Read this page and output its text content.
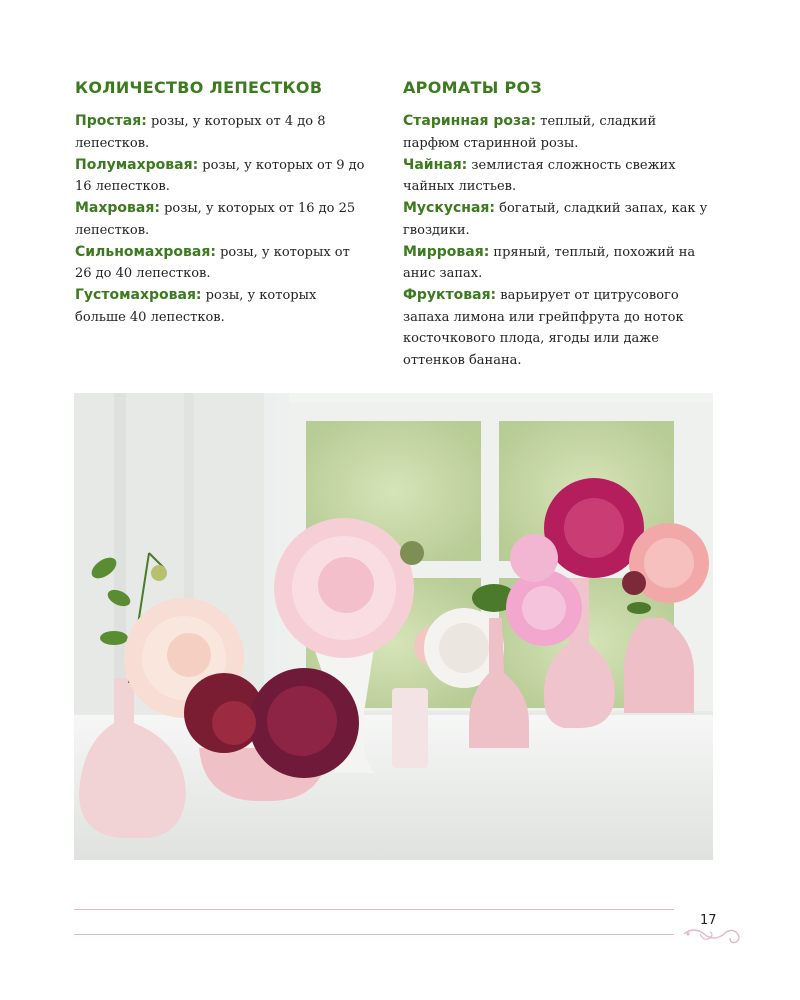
КОЛИЧЕСТВО ЛЕПЕСТКОВ

Простая: розы, у которых от 4 до 8 лепестков.

Полумахровая: розы, у которых от 9 до 16 лепестков.

Махровая: розы, у которых от 16 до 25 лепестков.

Сильномахровая: розы, у которых от 26 до 40 лепестков.

Густомахровая: розы, у которых больше 40 лепестков.

АРОМАТЫ РОЗ

Старинная роза: теплый, сладкий парфюм старинной розы.

Чайная: землистая сложность свежих чайных листьев.

Мускусная: богатый, сладкий запах, как у гвоздики.

Мирровая: пряный, теплый, похожий на анис запах.

Фруктовая: варьирует от цитрусового запаха лимона или грейпфрута до ноток косточкового плода, ягоды или даже оттенков банана.

17
